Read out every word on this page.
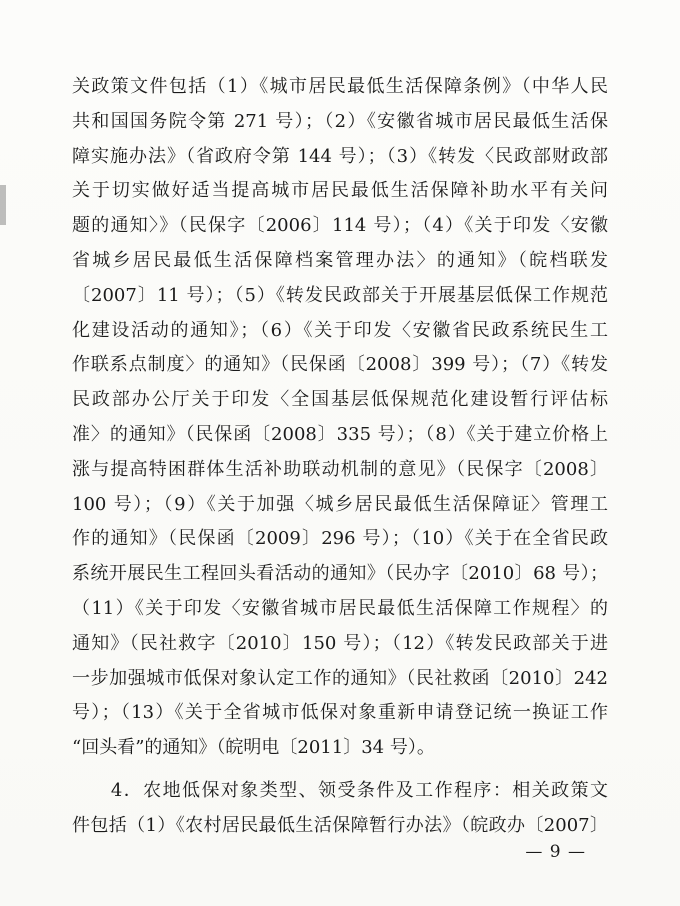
关政策文件包括（1）《城市居民最低生活保障条例》（中华人民
共和国国务院令第 271 号）；（2）《安徽省城市居民最低生活保
障实施办法》（省政府令第 144 号）；（3）《转发〈民政部财政部
关于切实做好适当提高城市居民最低生活保障补助水平有关问
题的通知〉》（民保字〔2006〕114 号）；（4）《关于印发〈安徽
省城乡居民最低生活保障档案管理办法〉的通知》（皖档联发
〔2007〕11 号）；（5）《转发民政部关于开展基层低保工作规范
化建设活动的通知》；（6）《关于印发〈安徽省民政系统民生工
作联系点制度〉的通知》（民保函〔2008〕399 号）；（7）《转发
民政部办公厅关于印发〈全国基层低保规范化建设暂行评估标
准〉的通知》（民保函〔2008〕335 号）；（8）《关于建立价格上
涨与提高特困群体生活补助联动机制的意见》（民保字〔2008〕
100 号）；（9）《关于加强〈城乡居民最低生活保障证〉管理工
作的通知》（民保函〔2009〕296 号）；（10）《关于在全省民政
系统开展民生工程回头看活动的通知》（民办字〔2010〕68 号）；
（11）《关于印发〈安徽省城市居民最低生活保障工作规程〉的
通知》（民社救字〔2010〕150 号）；（12）《转发民政部关于进
一步加强城市低保对象认定工作的通知》（民社救函〔2010〕242
号）；（13）《关于全省城市低保对象重新申请登记统一换证工作
“回头看”的通知》（皖明电〔2011〕34 号）。
　　4．农地低保对象类型、领受条件及工作程序：相关政策文
件包括（1）《农村居民最低生活保障暂行办法》（皖政办〔2007〕
— 9 —
